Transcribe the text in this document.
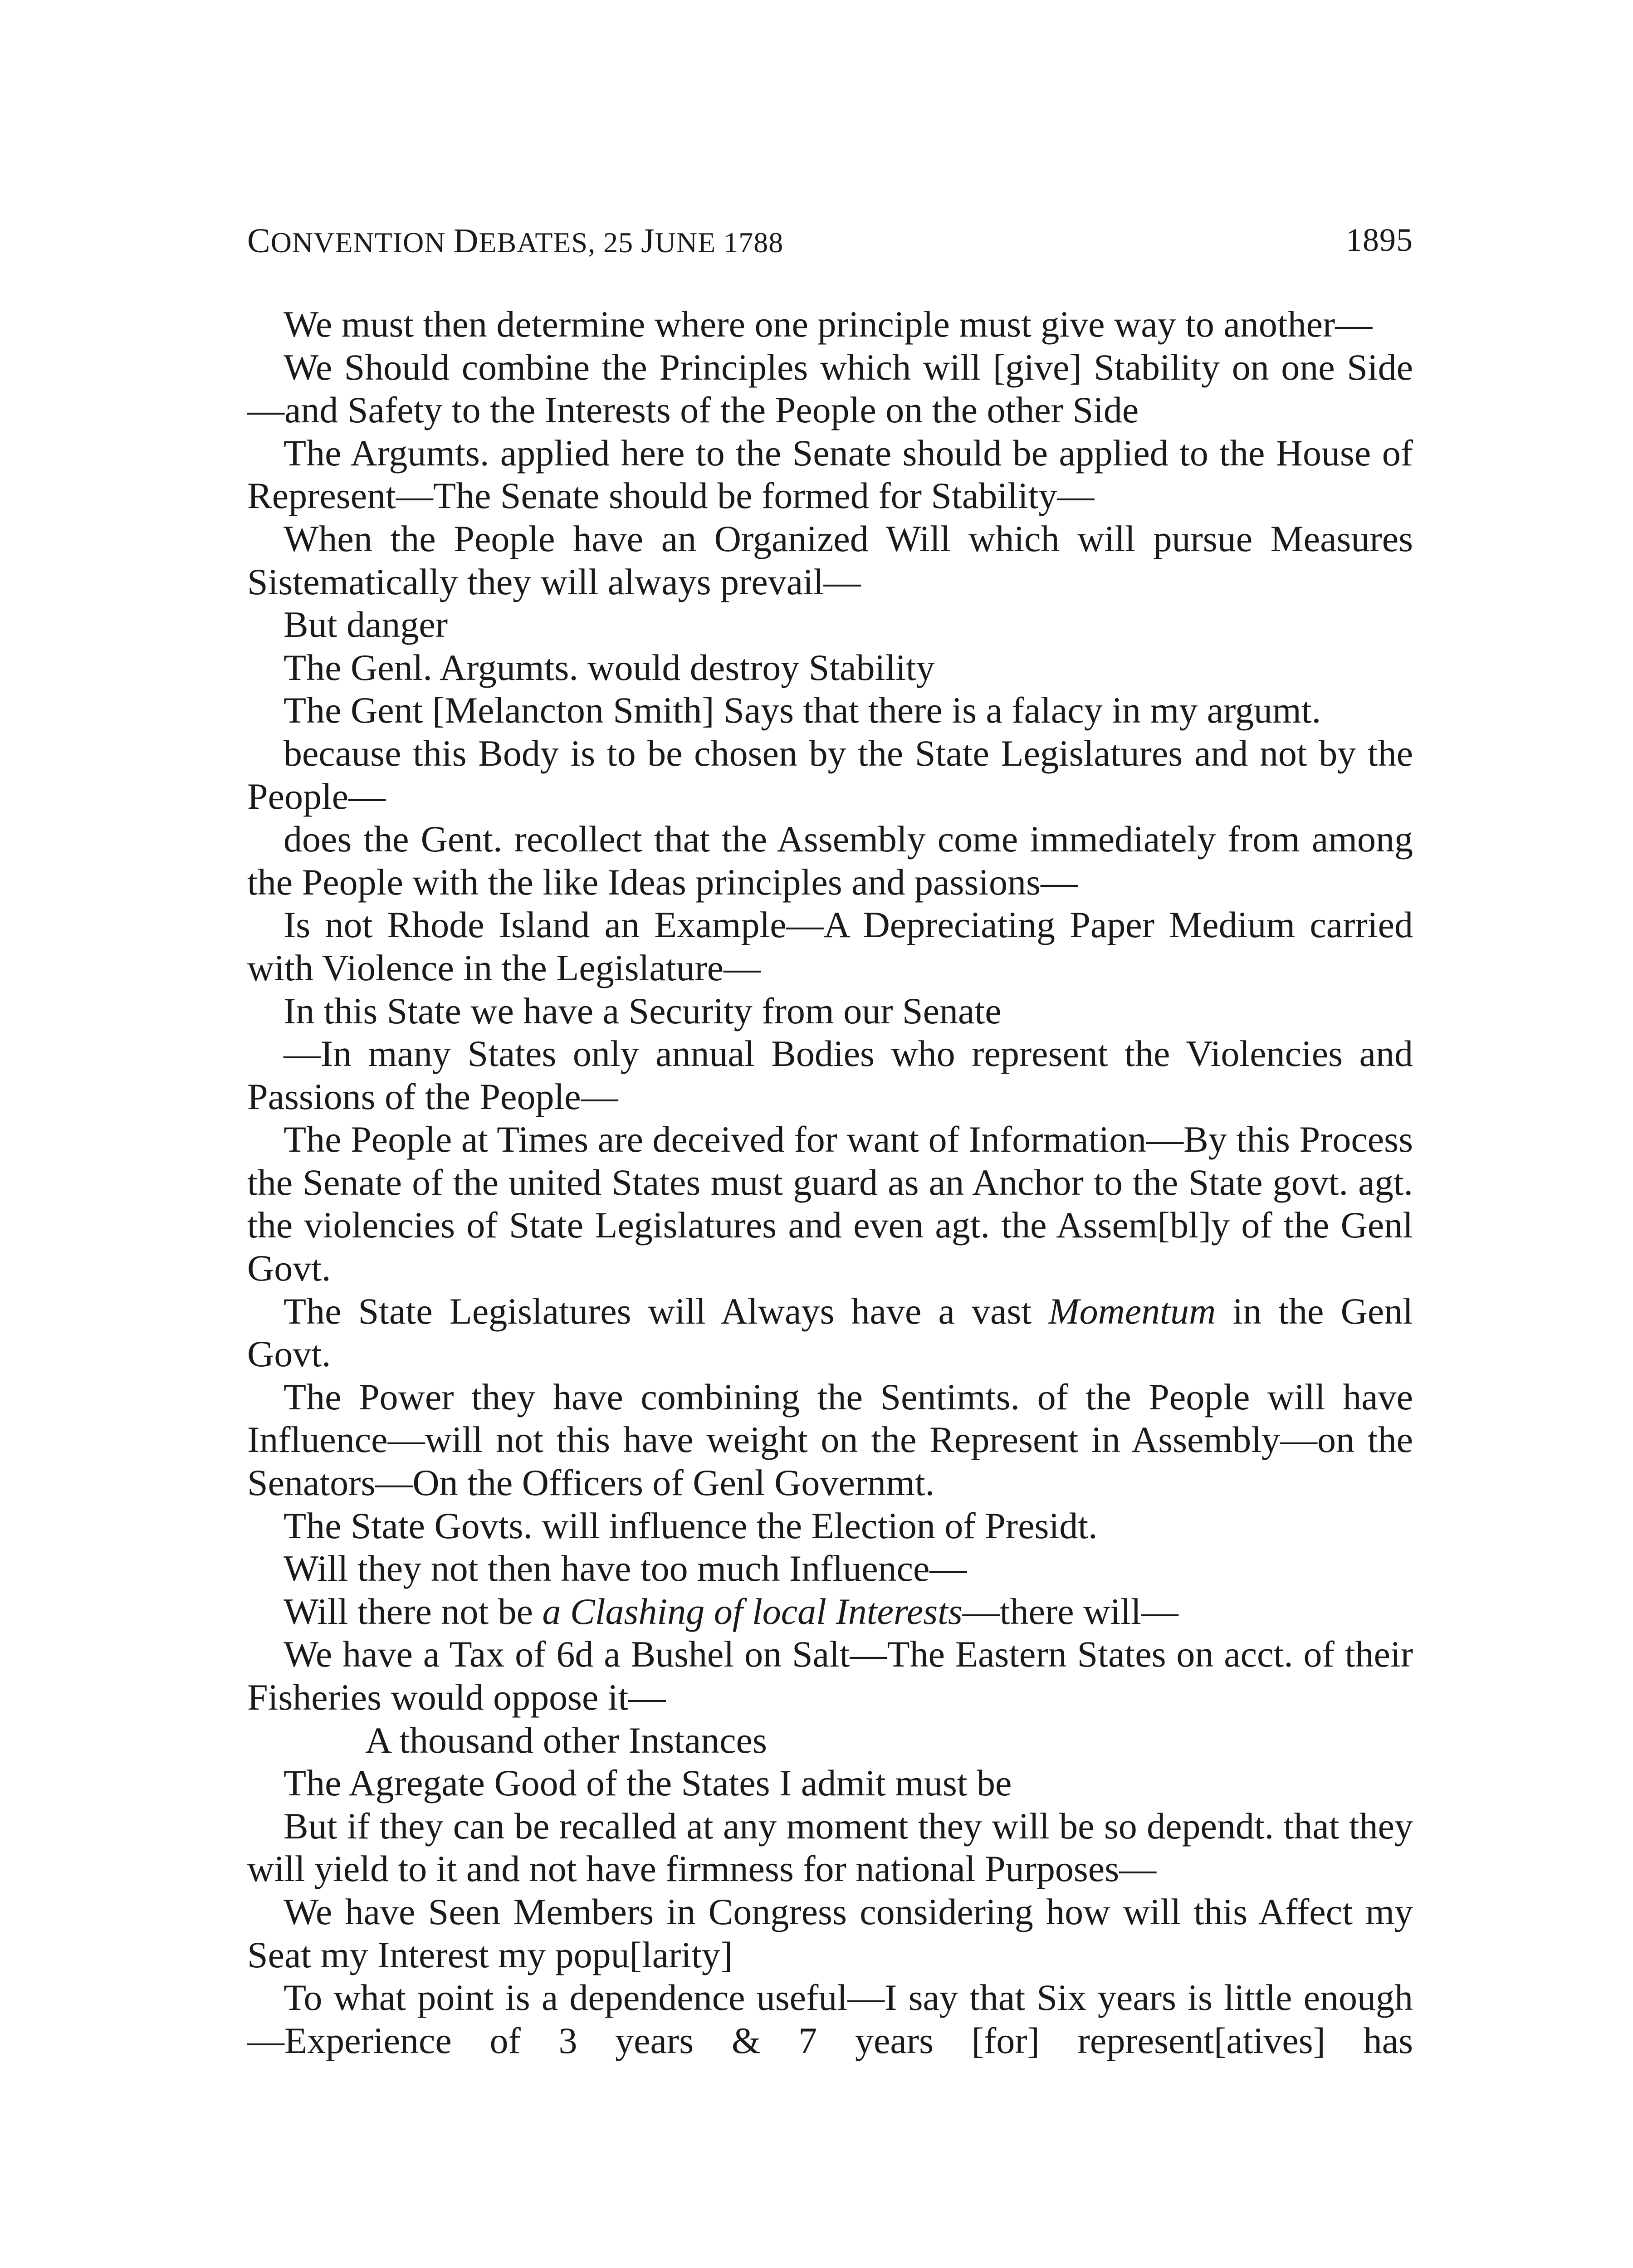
CONVENTION DEBATES, 25 JUNE 1788	1895

We must then determine where one principle must give way to another—

We Should combine the Principles which will [give] Stability on one Side—and Safety to the Interests of the People on the other Side

The Argumts. applied here to the Senate should be applied to the House of Represent—The Senate should be formed for Stability—

When the People have an Organized Will which will pursue Measures Sistematically they will always prevail—

But danger

The Genl. Argumts. would destroy Stability

The Gent [Melancton Smith] Says that there is a falacy in my argumt.

because this Body is to be chosen by the State Legislatures and not by the People—

does the Gent. recollect that the Assembly come immediately from among the People with the like Ideas principles and passions—

Is not Rhode Island an Example—A Depreciating Paper Medium carried with Violence in the Legislature—

In this State we have a Security from our Senate

—In many States only annual Bodies who represent the Violencies and Passions of the People—

The People at Times are deceived for want of Information—By this Process the Senate of the united States must guard as an Anchor to the State govt. agt. the violencies of State Legislatures and even agt. the Assem[bl]y of the Genl Govt.

The State Legislatures will Always have a vast Momentum in the Genl Govt.

The Power they have combining the Sentimts. of the People will have Influence—will not this have weight on the Represent in Assembly—on the Senators—On the Officers of Genl Governmt.

The State Govts. will influence the Election of Presidt.

Will they not then have too much Influence—

Will there not be a Clashing of local Interests—there will—

We have a Tax of 6d a Bushel on Salt—The Eastern States on acct. of their Fisheries would oppose it—

A thousand other Instances

The Agregate Good of the States I admit must be

But if they can be recalled at any moment they will be so dependt. that they will yield to it and not have firmness for national Purposes—

We have Seen Members in Congress considering how will this Affect my Seat my Interest my popu[larity]

To what point is a dependence useful—I say that Six years is little enough—Experience of 3 years & 7 years [for] represent[atives] has
